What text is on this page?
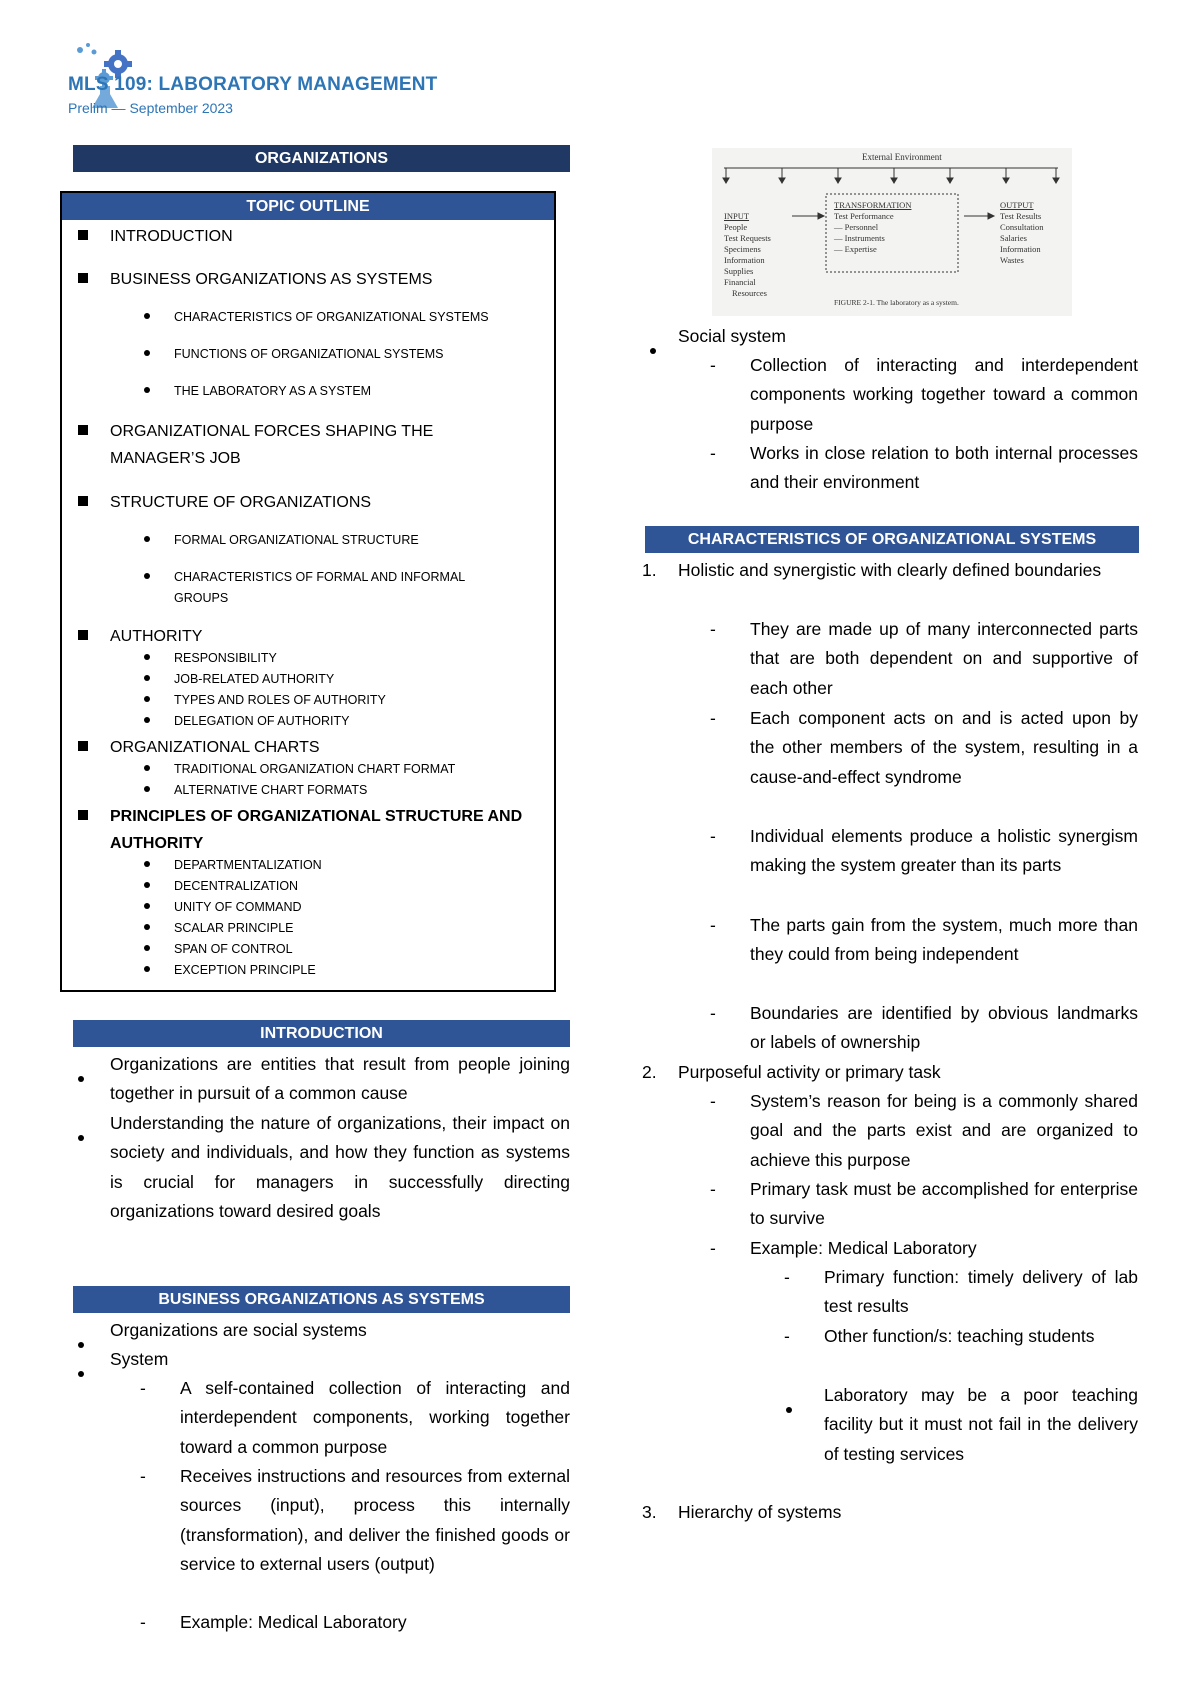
MLS 109: LABORATORY MANAGEMENT
Prelim — September 2023
ORGANIZATIONS
TOPIC OUTLINE
INTRODUCTION
BUSINESS ORGANIZATIONS AS SYSTEMS
CHARACTERISTICS OF ORGANIZATIONAL SYSTEMS
FUNCTIONS OF ORGANIZATIONAL SYSTEMS
THE LABORATORY AS A SYSTEM
ORGANIZATIONAL FORCES SHAPING THE MANAGER’S JOB
STRUCTURE OF ORGANIZATIONS
FORMAL ORGANIZATIONAL STRUCTURE
CHARACTERISTICS OF FORMAL AND INFORMAL GROUPS
AUTHORITY
RESPONSIBILITY
JOB-RELATED AUTHORITY
TYPES AND ROLES OF AUTHORITY
DELEGATION OF AUTHORITY
ORGANIZATIONAL CHARTS
TRADITIONAL ORGANIZATION CHART FORMAT
ALTERNATIVE CHART FORMATS
PRINCIPLES OF ORGANIZATIONAL STRUCTURE AND AUTHORITY
DEPARTMENTALIZATION
DECENTRALIZATION
UNITY OF COMMAND
SCALAR PRINCIPLE
SPAN OF CONTROL
EXCEPTION PRINCIPLE
INTRODUCTION
Organizations are entities that result from people joining together in pursuit of a common cause
Understanding the nature of organizations, their impact on society and individuals, and how they function as systems is crucial for managers in successfully directing organizations toward desired goals
BUSINESS ORGANIZATIONS AS SYSTEMS
Organizations are social systems
System
- A self-contained collection of interacting and interdependent components, working together toward a common purpose
- Receives instructions and resources from external sources (input), process this internally (transformation), and deliver the finished goods or service to external users (output)
- Example: Medical Laboratory
External Environment
INPUT
People
Test Requests
Specimens
Information
Supplies
Financial
Resources
TRANSFORMATION
Test Performance
— Personnel
— Instruments
— Expertise
OUTPUT
Test Results
Consultation
Salaries
Information
Wastes
FIGURE 2-1. The laboratory as a system.
Social system
- Collection of interacting and interdependent components working together toward a common purpose
- Works in close relation to both internal processes and their environment
CHARACTERISTICS OF ORGANIZATIONAL SYSTEMS
1. Holistic and synergistic with clearly defined boundaries
- They are made up of many interconnected parts that are both dependent on and supportive of each other
- Each component acts on and is acted upon by the other members of the system, resulting in a cause-and-effect syndrome
- Individual elements produce a holistic synergism making the system greater than its parts
- The parts gain from the system, much more than they could from being independent
- Boundaries are identified by obvious landmarks or labels of ownership
2. Purposeful activity or primary task
- System’s reason for being is a commonly shared goal and the parts exist and are organized to achieve this purpose
- Primary task must be accomplished for enterprise to survive
- Example: Medical Laboratory
- Primary function: timely delivery of lab test results
- Other function/s: teaching students
Laboratory may be a poor teaching facility but it must not fail in the delivery of testing services
3. Hierarchy of systems
